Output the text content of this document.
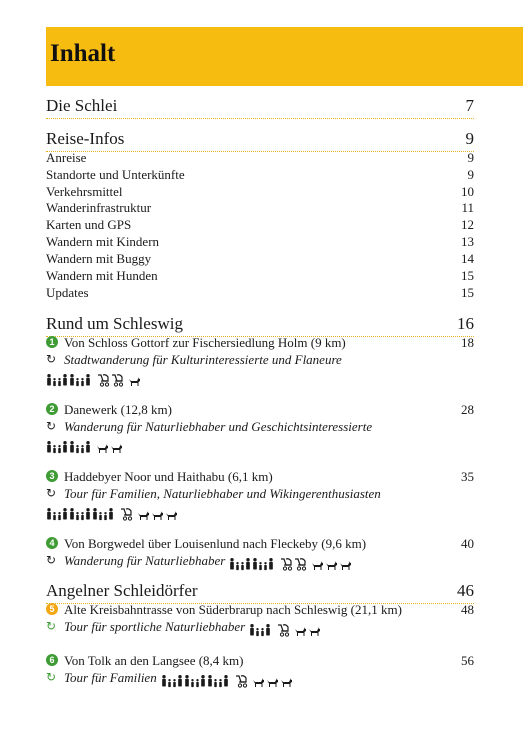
Inhalt
Die Schlei	7
Reise-Infos	9
Anreise	9
Standorte und Unterkünfte	9
Verkehrsmittel	10
Wanderinfrastruktur	11
Karten und GPS	12
Wandern mit Kindern	13
Wandern mit Buggy	14
Wandern mit Hunden	15
Updates	15
Rund um Schleswig	16
1 Von Schloss Gottorf zur Fischersiedlung Holm (9 km)	18
↻ Stadtwanderung für Kulturinteressierte und Flaneure
2 Danewerk (12,8 km)	28
↻ Wanderung für Naturliebhaber und Geschichtsinteressierte
3 Haddebyer Noor und Haithabu (6,1 km)	35
↻ Tour für Familien, Naturliebhaber und Wikingerenthusiasten
4 Von Borgwedel über Louisenlund nach Fleckeby (9,6 km)	40
↻ Wanderung für Naturliebhaber
Angelner Schleidörfer	46
5 Alte Kreisbahntrasse von Süderbrarup nach Schleswig (21,1 km)	48
↻ Tour für sportliche Naturliebhaber
6 Von Tolk an den Langsee (8,4 km)	56
↻ Tour für Familien
